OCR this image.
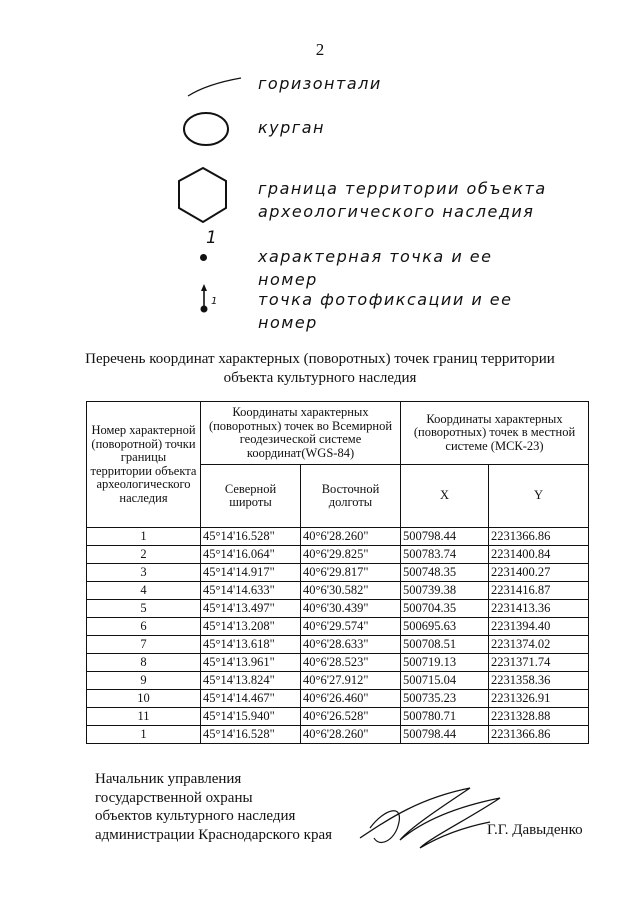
2
горизонтали
курган
граница территории объекта
археологического наследия
1
характерная точка и ее
номер
1	точка фотофиксации и ее
номер
Перечень координат характерных (поворотных) точек границ территории
объекта культурного наследия
Номер характерной (поворотной) точки границы территории объекта археологического наследия	Координаты характерных (поворотных) точек во Всемирной геодезической системе координат(WGS-84)		Координаты характерных (поворотных) точек в местной системе (МСК-23)	
	Северной широты	Восточной долготы	X	Y
1	45°14'16.528"	40°6'28.260"	500798.44	2231366.86
2	45°14'16.064"	40°6'29.825"	500783.74	2231400.84
3	45°14'14.917"	40°6'29.817"	500748.35	2231400.27
4	45°14'14.633"	40°6'30.582"	500739.38	2231416.87
5	45°14'13.497"	40°6'30.439"	500704.35	2231413.36
6	45°14'13.208"	40°6'29.574"	500695.63	2231394.40
7	45°14'13.618"	40°6'28.633"	500708.51	2231374.02
8	45°14'13.961"	40°6'28.523"	500719.13	2231371.74
9	45°14'13.824"	40°6'27.912"	500715.04	2231358.36
10	45°14'14.467"	40°6'26.460"	500735.23	2231326.91
11	45°14'15.940"	40°6'26.528"	500780.71	2231328.88
1	45°14'16.528"	40°6'28.260"	500798.44	2231366.86
Начальник управления
государственной охраны
объектов культурного наследия
администрации Краснодарского края	Г.Г. Давыденко
